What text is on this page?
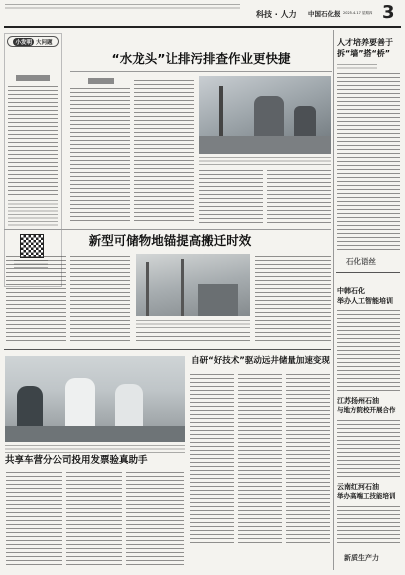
科技 · 人力 中国石化报 2025.4.17 星期四 3
小发明 大问题
“水龙头”让排污排查作业更快捷
人才培养要善于
拆“墙”搭“桥”
石化语丝
中韩石化
举办人工智能培训
江苏扬州石油
与地方院校开展合作
云南红河石油
举办高端工技能培训
新质生产力
新型可储物地锚提高搬迁时效
自研“好技术”驱动远井储量加速变现
共享车营分公司投用发票验真助手
